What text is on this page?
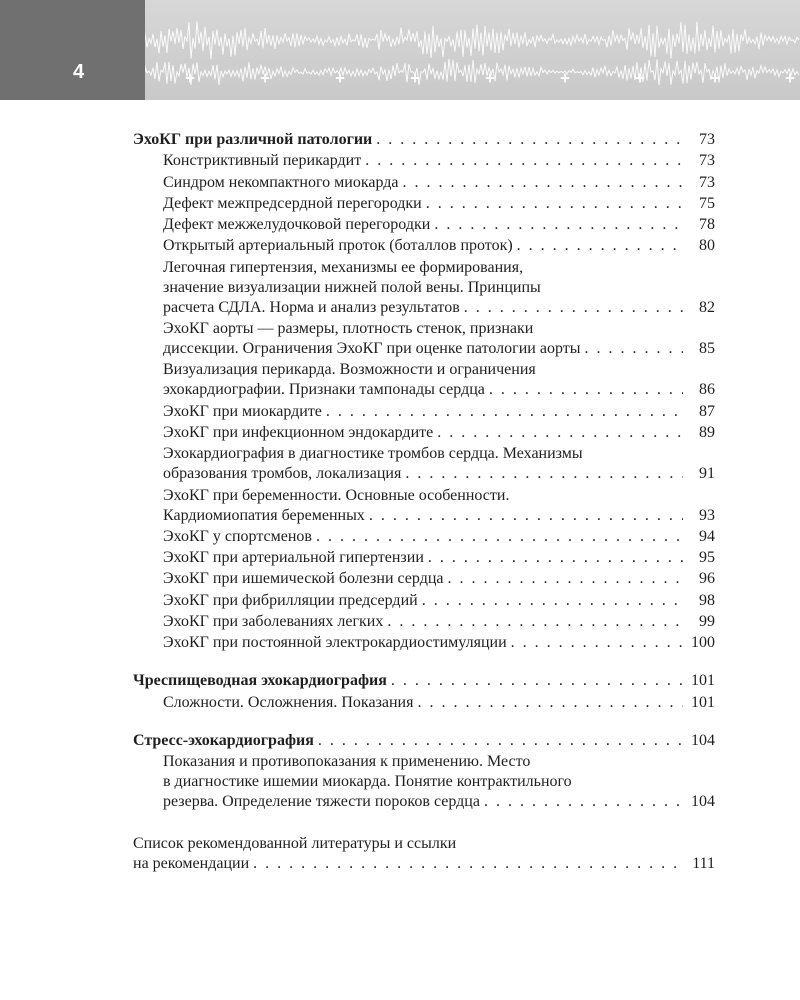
4	+	+	+	+	+	+	+	+	+
ЭхоКГ при различной патологии . . .	73
Констриктивный перикардит . . .	73
Синдром некомпактного миокарда . . .	73
Дефект межпредсердной перегородки . . .	75
Дефект межжелудочковой перегородки . . .	78
Открытый артериальный проток (боталлов проток) . . .	80
Легочная гипертензия, механизмы ее формирования,
значение визуализации нижней полой вены. Принципы
расчета СДЛА. Норма и анализ результатов . . .	82
ЭхоКГ аорты — размеры, плотность стенок, признаки
диссекции. Ограничения ЭхоКГ при оценке патологии аорты . . .	85
Визуализация перикарда. Возможности и ограничения
эхокардиографии. Признаки тампонады сердца . . .	86
ЭхоКГ при миокардите . . .	87
ЭхоКГ при инфекционном эндокардите . . .	89
Эхокардиография в диагностике тромбов сердца. Механизмы
образования тромбов, локализация . . .	91
ЭхоКГ при беременности. Основные особенности.
Кардиомиопатия беременных . . .	93
ЭхоКГ у спортсменов . . .	94
ЭхоКГ при артериальной гипертензии . . .	95
ЭхоКГ при ишемической болезни сердца . . .	96
ЭхоКГ при фибрилляции предсердий . . .	98
ЭхоКГ при заболеваниях легких . . .	99
ЭхоКГ при постоянной электрокардиостимуляции . . .	100
Чреспищеводная эхокардиография . . .	101
Сложности. Осложнения. Показания . . .	101
Стресс-эхокардиография . . .	104
Показания и противопоказания к применению. Место
в диагностике ишемии миокарда. Понятие контрактильного
резерва. Определение тяжести пороков сердца . . .	104
Список рекомендованной литературы и ссылки
на рекомендации . . .	111
